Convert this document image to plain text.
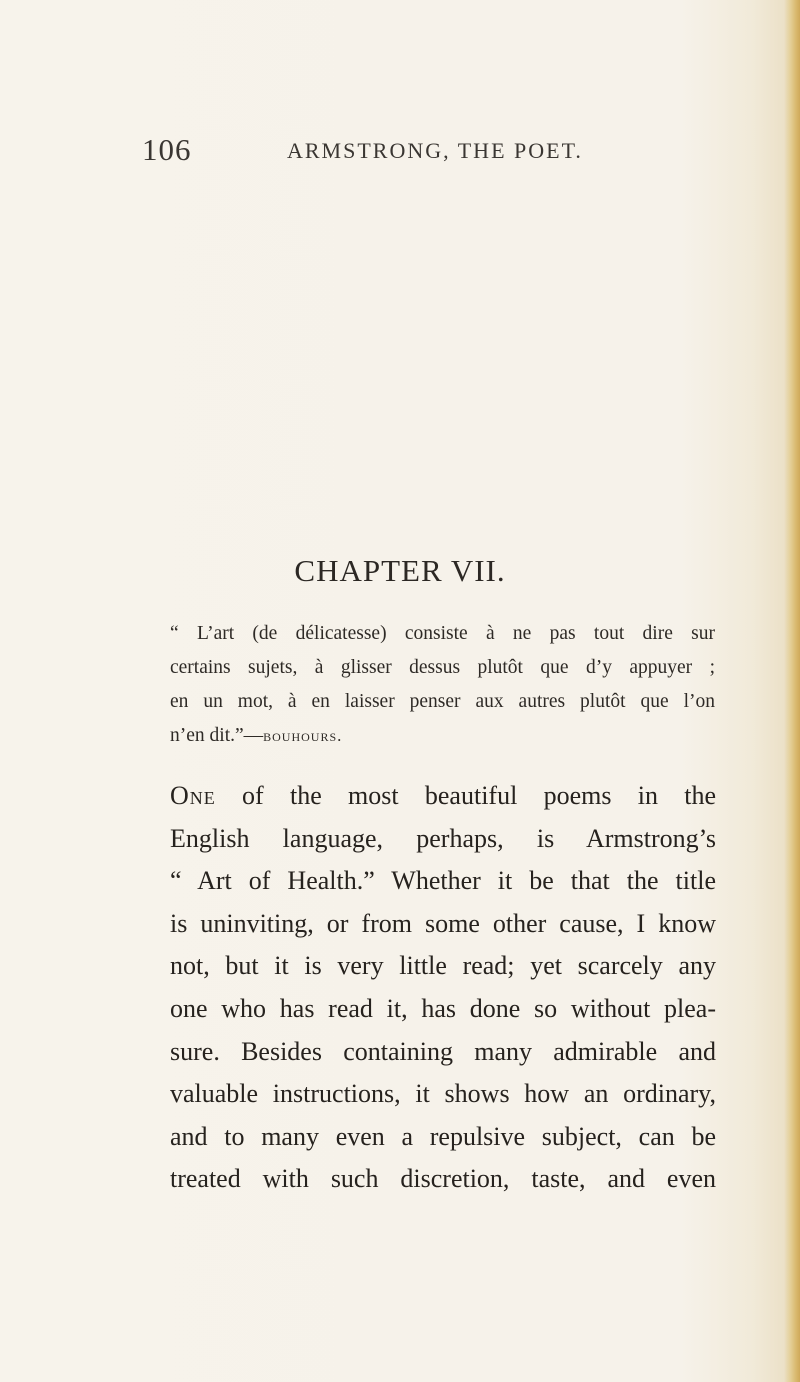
106	ARMSTRONG, THE POET.
CHAPTER VII.
“ L’art (de délicatesse) consiste à ne pas tout dire sur
certains sujets, à glisser dessus plutôt que d’y appuyer ;
en un mot, à en laisser penser aux autres plutôt que l’on
n’en dit.”—bouhours.
One of the most beautiful poems in the
English language, perhaps, is Armstrong’s
“ Art of Health.” Whether it be that the title
is uninviting, or from some other cause, I know
not, but it is very little read; yet scarcely any
one who has read it, has done so without plea-
sure. Besides containing many admirable and
valuable instructions, it shows how an ordinary,
and to many even a repulsive subject, can be
treated with such discretion, taste, and even
